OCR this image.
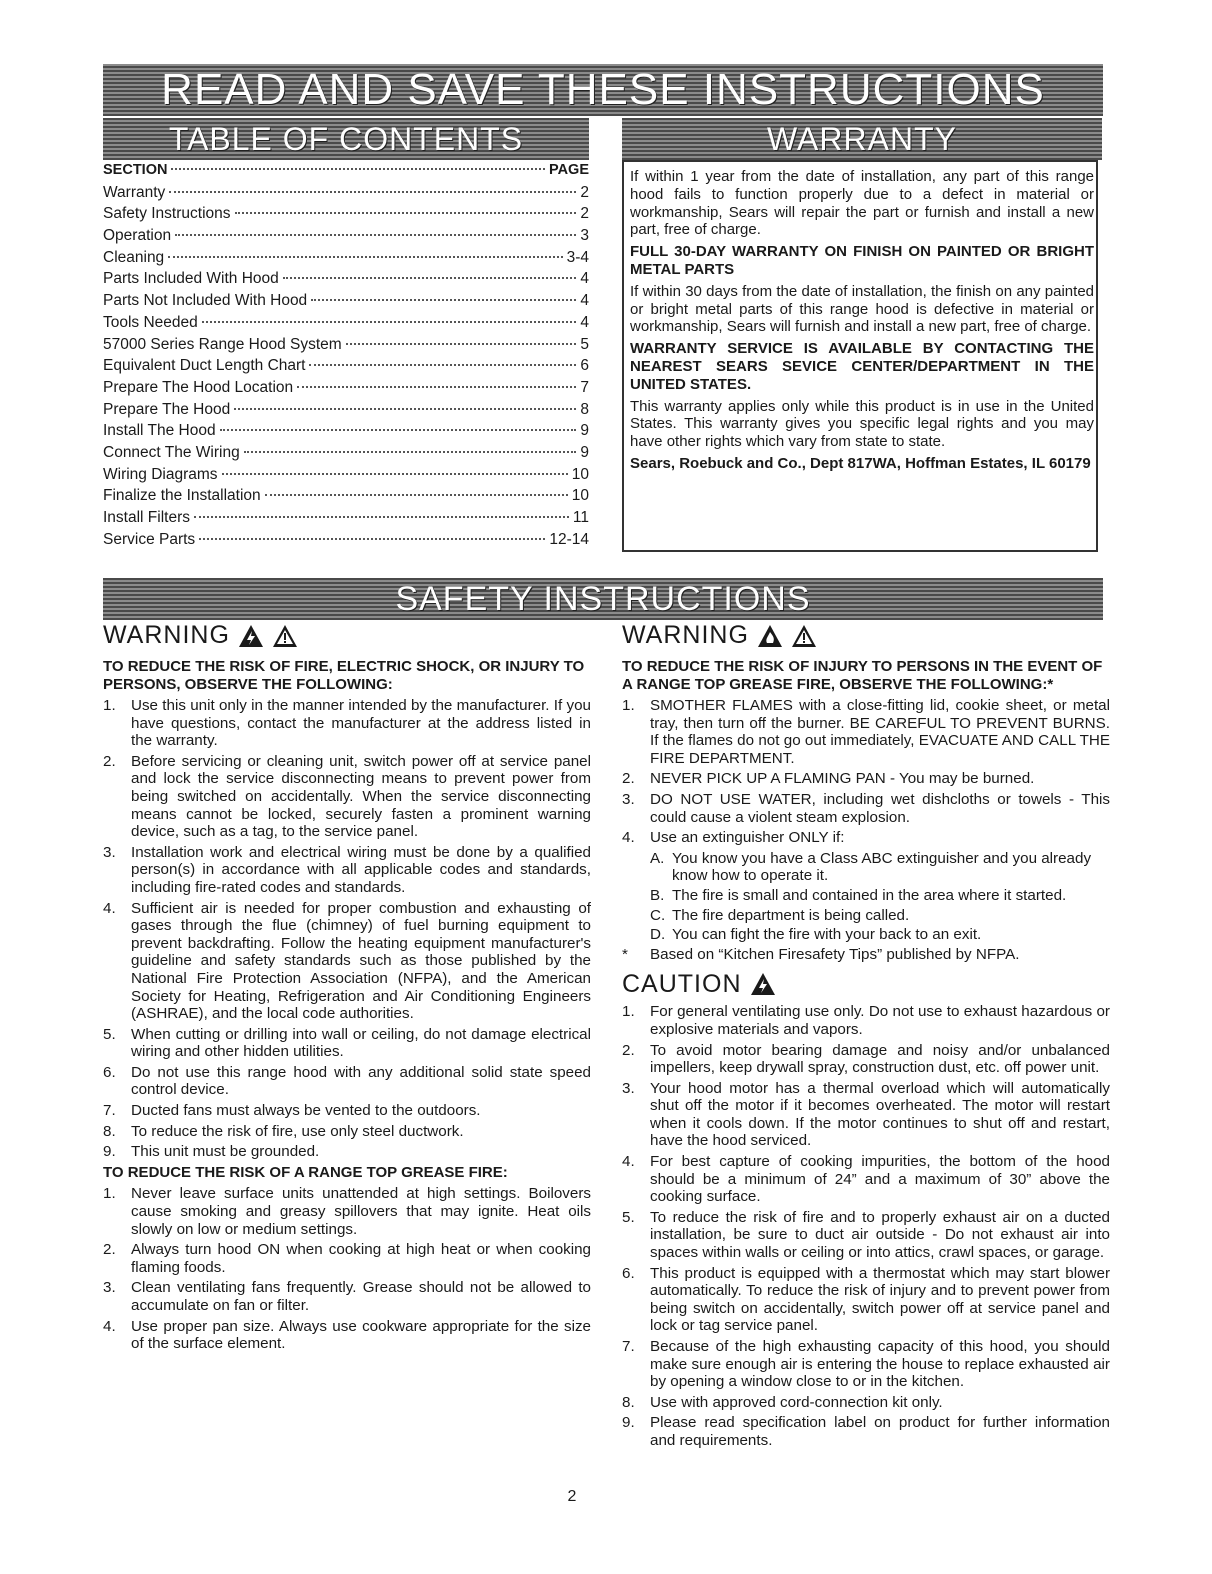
READ AND SAVE THESE INSTRUCTIONS
TABLE OF CONTENTS	WARRANTY
SECTION	PAGE
Warranty	2
Safety Instructions	2
Operation	3
Cleaning	3-4
Parts Included With Hood	4
Parts Not Included With Hood	4
Tools Needed	4
57000 Series Range Hood System	5
Equivalent Duct Length Chart	6
Prepare The Hood Location	7
Prepare The Hood	8
Install The Hood	9
Connect The Wiring	9
Wiring Diagrams	10
Finalize the Installation	10
Install Filters	11
Service Parts	12-14

If within 1 year from the date of installation, any part of this range hood fails to function properly due to a defect in material or workmanship, Sears will repair the part or furnish and install a new part, free of charge.

FULL 30-DAY WARRANTY ON FINISH ON PAINTED OR BRIGHT METAL PARTS

If within 30 days from the date of installation, the finish on any painted or bright metal parts of this range hood is defective in material or workmanship, Sears will furnish and install a new part, free of charge.

WARRANTY SERVICE IS AVAILABLE BY CONTACTING THE NEAREST SEARS SEVICE CENTER/DEPARTMENT IN THE UNITED STATES.

This warranty applies only while this product is in use in the United States. This warranty gives you specific legal rights and you may have other rights which vary from state to state.

Sears, Roebuck and Co., Dept 817WA, Hoffman Estates, IL 60179

SAFETY INSTRUCTIONS
WARNING
TO REDUCE THE RISK OF FIRE, ELECTRIC SHOCK, OR INJURY TO PERSONS, OBSERVE THE FOLLOWING:
1. Use this unit only in the manner intended by the manufacturer. If you have questions, contact the manufacturer at the address listed in the warranty.
2. Before servicing or cleaning unit, switch power off at service panel and lock the service disconnecting means to prevent power from being switched on accidentally. When the service disconnecting means cannot be locked, securely fasten a prominent warning device, such as a tag, to the service panel.
3. Installation work and electrical wiring must be done by a qualified person(s) in accordance with all applicable codes and standards, including fire-rated codes and standards.
4. Sufficient air is needed for proper combustion and exhausting of gases through the flue (chimney) of fuel burning equipment to prevent backdrafting. Follow the heating equipment manufacturer's guideline and safety standards such as those published by the National Fire Protection Association (NFPA), and the American Society for Heating, Refrigeration and Air Conditioning Engineers (ASHRAE), and the local code authorities.
5. When cutting or drilling into wall or ceiling, do not damage electrical wiring and other hidden utilities.
6. Do not use this range hood with any additional solid state speed control device.
7. Ducted fans must always be vented to the outdoors.
8. To reduce the risk of fire, use only steel ductwork.
9. This unit must be grounded.
TO REDUCE THE RISK OF A RANGE TOP GREASE FIRE:
1. Never leave surface units unattended at high settings. Boilovers cause smoking and greasy spillovers that may ignite. Heat oils slowly on low or medium settings.
2. Always turn hood ON when cooking at high heat or when cooking flaming foods.
3. Clean ventilating fans frequently. Grease should not be allowed to accumulate on fan or filter.
4. Use proper pan size. Always use cookware appropriate for the size of the surface element.
WARNING
TO REDUCE THE RISK OF INJURY TO PERSONS IN THE EVENT OF A RANGE TOP GREASE FIRE, OBSERVE THE FOLLOWING:*
1. SMOTHER FLAMES with a close-fitting lid, cookie sheet, or metal tray, then turn off the burner. BE CAREFUL TO PREVENT BURNS. If the flames do not go out immediately, EVACUATE AND CALL THE FIRE DEPARTMENT.
2. NEVER PICK UP A FLAMING PAN - You may be burned.
3. DO NOT USE WATER, including wet dishcloths or towels - This could cause a violent steam explosion.
4. Use an extinguisher ONLY if:
A. You know you have a Class ABC extinguisher and you already know how to operate it.
B. The fire is small and contained in the area where it started.
C. The fire department is being called.
D. You can fight the fire with your back to an exit.
* Based on “Kitchen Firesafety Tips” published by NFPA.
CAUTION
1. For general ventilating use only. Do not use to exhaust hazardous or explosive materials and vapors.
2. To avoid motor bearing damage and noisy and/or unbalanced impellers, keep drywall spray, construction dust, etc. off power unit.
3. Your hood motor has a thermal overload which will automatically shut off the motor if it becomes overheated. The motor will restart when it cools down. If the motor continues to shut off and restart, have the hood serviced.
4. For best capture of cooking impurities, the bottom of the hood should be a minimum of 24” and a maximum of 30” above the cooking surface.
5. To reduce the risk of fire and to properly exhaust air on a ducted installation, be sure to duct air outside - Do not exhaust air into spaces within walls or ceiling or into attics, crawl spaces, or garage.
6. This product is equipped with a thermostat which may start blower automatically. To reduce the risk of injury and to prevent power from being switch on accidentally, switch power off at service panel and lock or tag service panel.
7. Because of the high exhausting capacity of this hood, you should make sure enough air is entering the house to replace exhausted air by opening a window close to or in the kitchen.
8. Use with approved cord-connection kit only.
9. Please read specification label on product for further information and requirements.
2
